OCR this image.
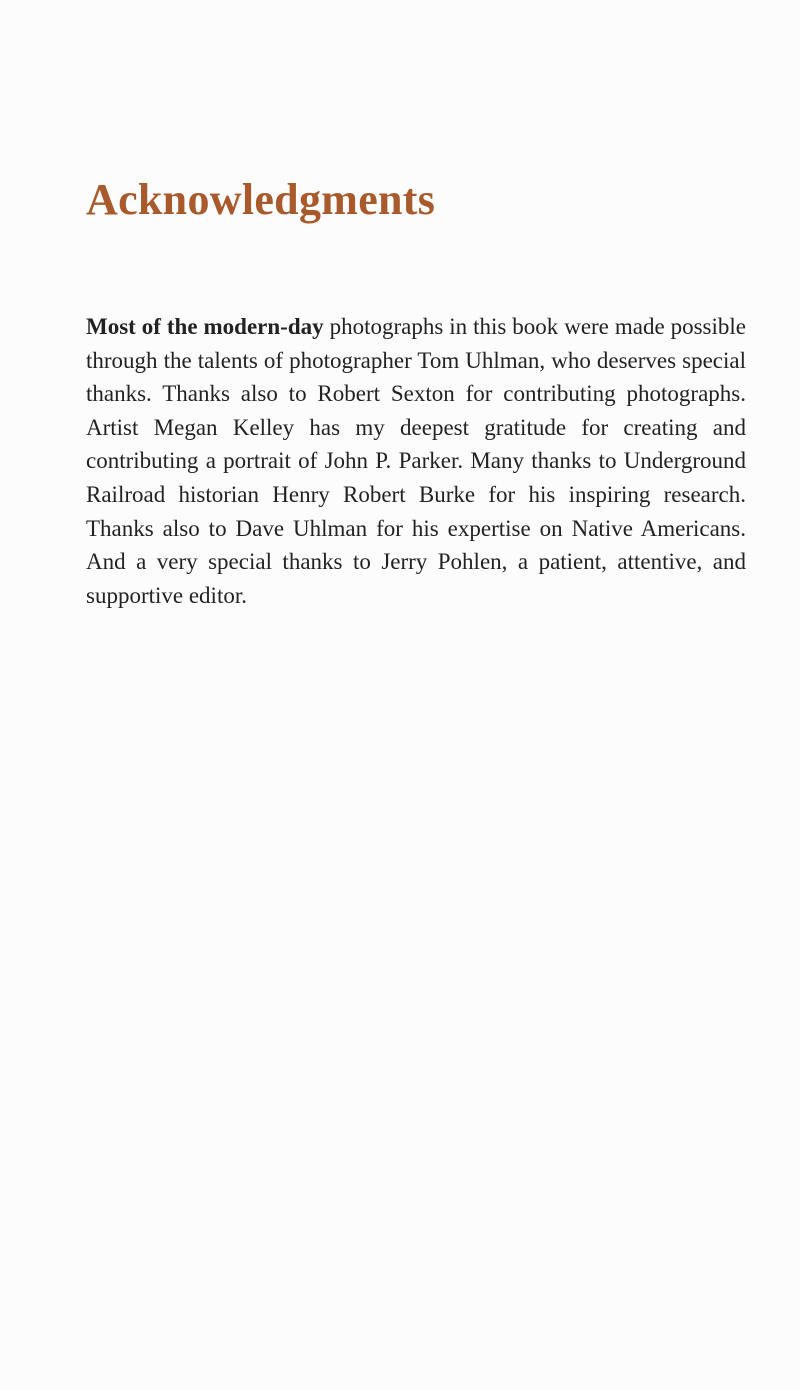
Acknowledgments

Most of the modern-day photographs in this book were made possible through the talents of photographer Tom Uhlman, who deserves special thanks. Thanks also to Robert Sexton for contributing photographs. Artist Megan Kelley has my deepest gratitude for creating and contributing a portrait of John P. Parker. Many thanks to Underground Railroad historian Henry Robert Burke for his inspiring research. Thanks also to Dave Uhlman for his expertise on Native Americans. And a very special thanks to Jerry Pohlen, a patient, attentive, and supportive editor.
